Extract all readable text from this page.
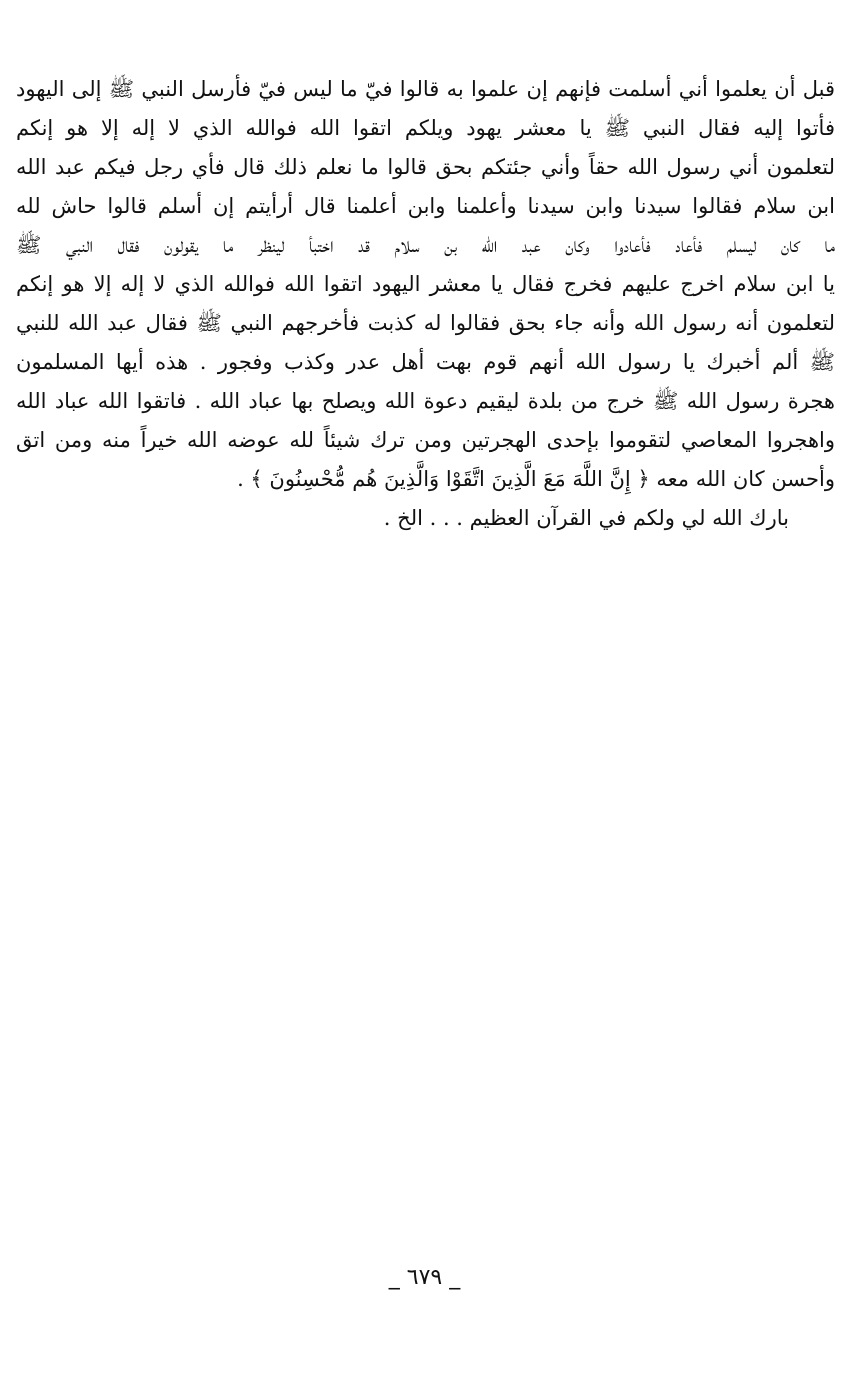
قبل أن يعلموا أني أسلمت فإنهم إن علموا به قالوا فيّ ما ليس فيّ فأرسل النبي ﷺ إلى اليهود
فأتوا إليه فقال النبي ﷺ يا معشر يهود ويلكم اتقوا الله فوالله الذي لا إله إلا هو إنكم
لتعلمون أني رسول الله حقاً وأني جئتكم بحق قالوا ما نعلم ذلك قال فأي رجل فيكم عبد الله
ابن سلام فقالوا سيدنا وابن سيدنا وأعلمنا وابن أعلمنا قال أرأيتم إن أسلم قالوا حاش لله
ما كان ليسلم فأعاد فأعادوا وكان عبد الله بن سلام قد اختبأ لينظر ما يقولون فقال النبي ﷺ
يا ابن سلام اخرج عليهم فخرج فقال يا معشر اليهود اتقوا الله فوالله الذي لا إله إلا هو إنكم
لتعلمون أنه رسول الله وأنه جاء بحق فقالوا له كذبت فأخرجهم النبي ﷺ فقال عبد الله للنبي
ﷺ ألم أخبرك يا رسول الله أنهم قوم بهت أهل عدر وكذب وفجور . هذه أيها المسلمون
هجرة رسول الله ﷺ خرج من بلدة ليقيم دعوة الله ويصلح بها عباد الله . فاتقوا الله عباد الله
واهجروا المعاصي لتقوموا بإحدى الهجرتين ومن ترك شيئاً لله عوضه الله خيراً منه ومن اتق
وأحسن كان الله معه ﴿ إِنَّ اللَّهَ مَعَ الَّذِينَ اتَّقَوْا وَالَّذِينَ هُم مُّحْسِنُونَ ﴾ .
بارك الله لي ولكم في القرآن العظيم . . . الخ .
_ ٦٧٩ _
